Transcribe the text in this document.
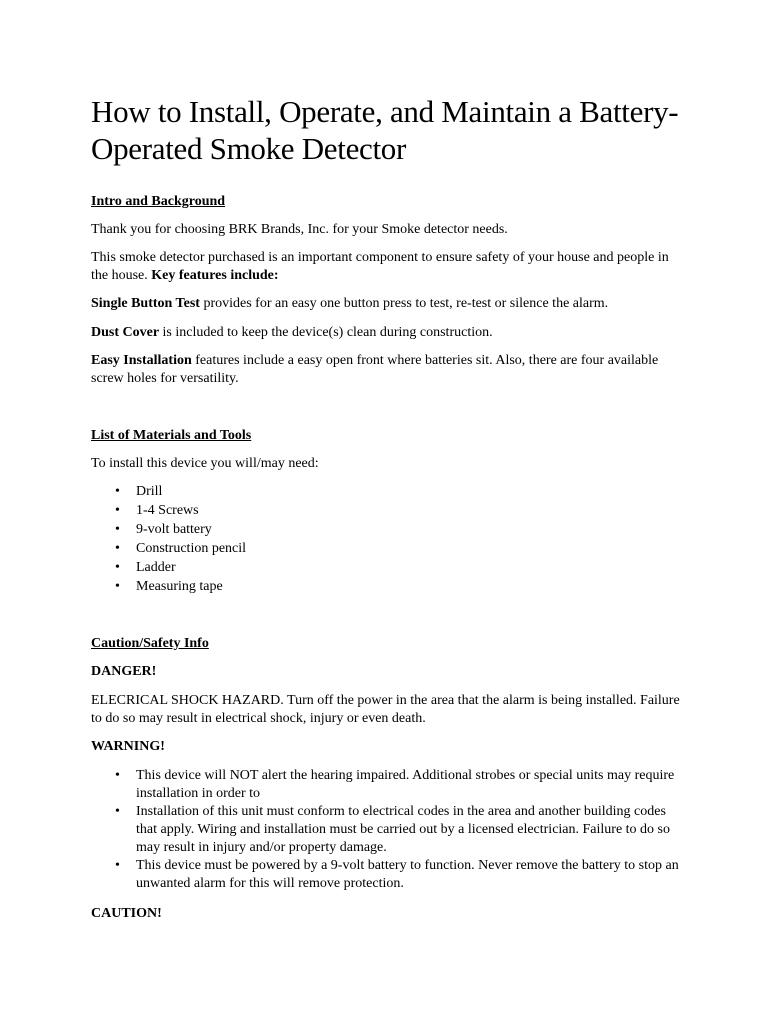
How to Install, Operate, and Maintain a Battery-Operated Smoke Detector

Intro and Background

Thank you for choosing BRK Brands, Inc. for your Smoke detector needs.

This smoke detector purchased is an important component to ensure safety of your house and people in the house. Key features include:

Single Button Test provides for an easy one button press to test, re-test or silence the alarm.

Dust Cover is included to keep the device(s) clean during construction.

Easy Installation features include a easy open front where batteries sit. Also, there are four available screw holes for versatility.

List of Materials and Tools

To install this device you will/may need:

• Drill
• 1-4 Screws
• 9-volt battery
• Construction pencil
• Ladder
• Measuring tape

Caution/Safety Info

DANGER!

ELECRICAL SHOCK HAZARD. Turn off the power in the area that the alarm is being installed. Failure to do so may result in electrical shock, injury or even death.

WARNING!

• This device will NOT alert the hearing impaired. Additional strobes or special units may require installation in order to
• Installation of this unit must conform to electrical codes in the area and another building codes that apply. Wiring and installation must be carried out by a licensed electrician. Failure to do so may result in injury and/or property damage.
• This device must be powered by a 9-volt battery to function. Never remove the battery to stop an unwanted alarm for this will remove protection.

CAUTION!
